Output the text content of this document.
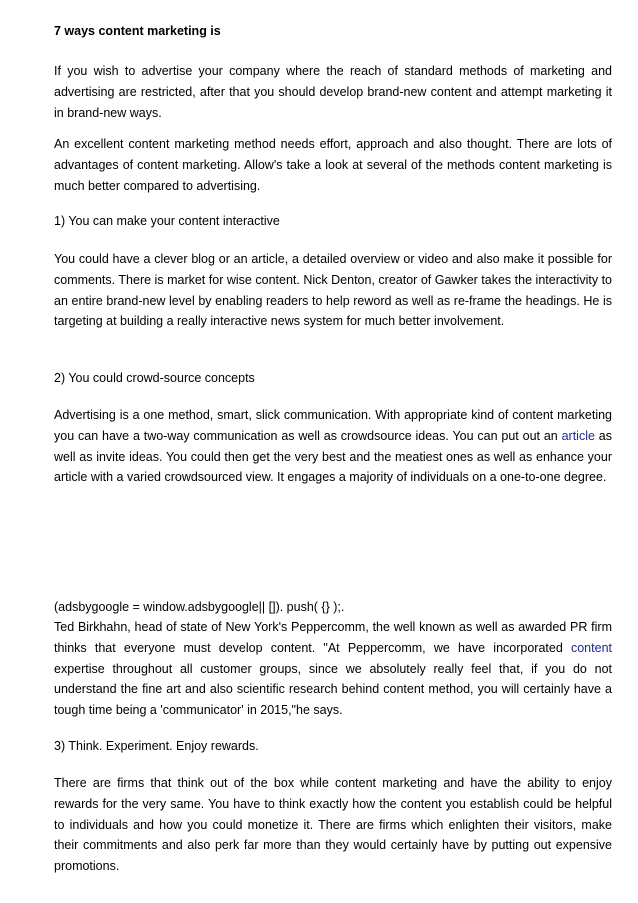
7 ways content marketing is
If you wish to advertise your company where the reach of standard methods of marketing and advertising are restricted, after that you should develop brand-new content and attempt marketing it in brand-new ways.
An excellent content marketing method needs effort, approach and also thought. There are lots of advantages of content marketing. Allow's take a look at several of the methods content marketing is much better compared to advertising.
1) You can make your content interactive
You could have a clever blog or an article, a detailed overview or video and also make it possible for comments. There is market for wise content. Nick Denton, creator of Gawker takes the interactivity to an entire brand-new level by enabling readers to help reword as well as re-frame the headings. He is targeting at building a really interactive news system for much better involvement.
2) You could crowd-source concepts
Advertising is a one method, smart, slick communication. With appropriate kind of content marketing you can have a two-way communication as well as crowdsource ideas. You can put out an article as well as invite ideas. You could then get the very best and the meatiest ones as well as enhance your article with a varied crowdsourced view. It engages a majority of individuals on a one-to-one degree.
(adsbygoogle = window.adsbygoogle|| []). push( {} );.
Ted Birkhahn, head of state of New York's Peppercomm, the well known as well as awarded PR firm thinks that everyone must develop content. "At Peppercomm, we have incorporated content expertise throughout all customer groups, since we absolutely really feel that, if you do not understand the fine art and also scientific research behind content method, you will certainly have a tough time being a 'communicator' in 2015,"he says.
3) Think. Experiment. Enjoy rewards.
There are firms that think out of the box while content marketing and have the ability to enjoy rewards for the very same. You have to think exactly how the content you establish could be helpful to individuals and how you could monetize it. There are firms which enlighten their visitors, make their commitments and also perk far more than they would certainly have by putting out expensive promotions.
